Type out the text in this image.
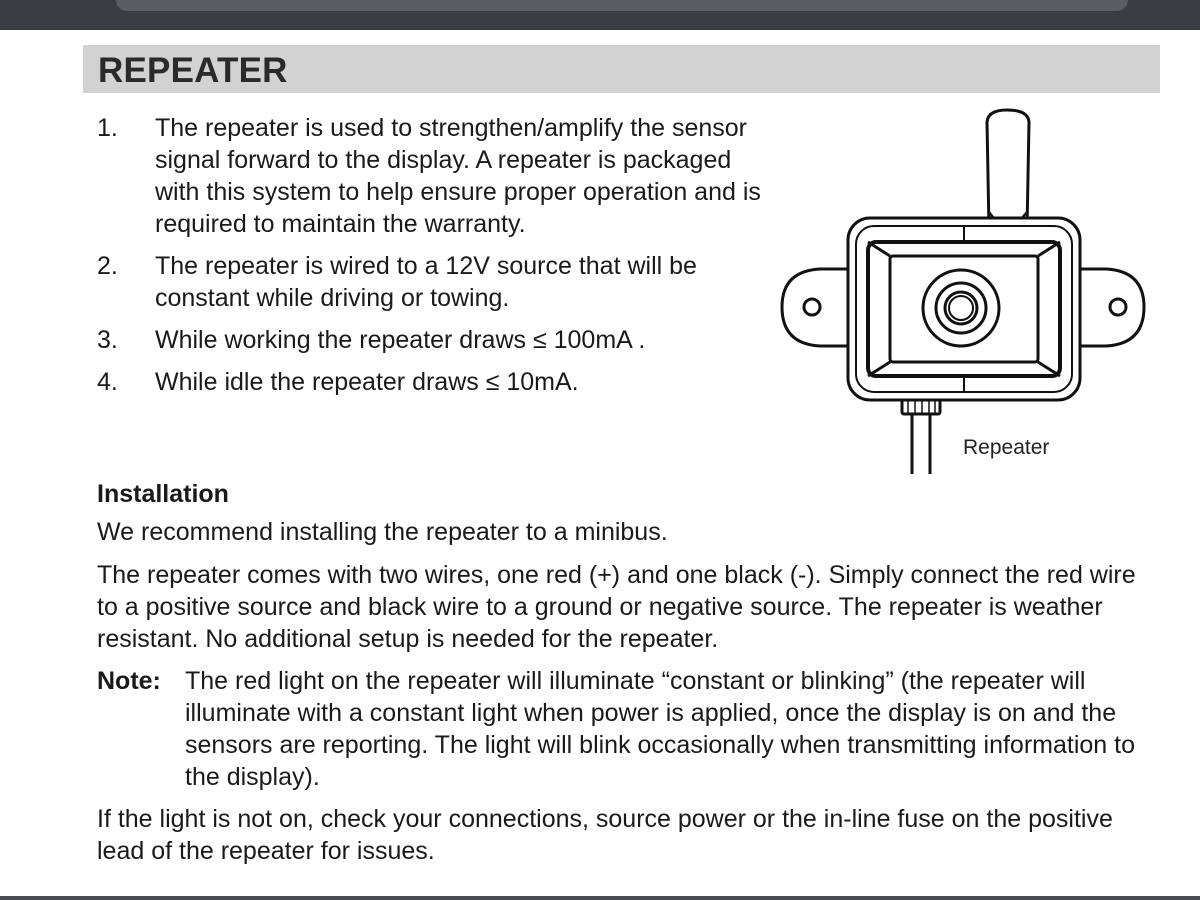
REPEATER
1. The repeater is used to strengthen/amplify the sensor signal forward to the display. A repeater is packaged with this system to help ensure proper operation and is required to maintain the warranty.
2. The repeater is wired to a 12V source that will be constant while driving or towing.
3. While working the repeater draws ≤ 100mA .
4. While idle the repeater draws ≤ 10mA.
Repeater
Installation

We recommend installing the repeater to a minibus.

The repeater comes with two wires, one red (+) and one black (-). Simply connect the red wire to a positive source and black wire to a ground or negative source. The repeater is weather resistant. No additional setup is needed for the repeater.

Note: The red light on the repeater will illuminate “constant or blinking” (the repeater will illuminate with a constant light when power is applied, once the display is on and the sensors are reporting. The light will blink occasionally when transmitting information to the display).

If the light is not on, check your connections, source power or the in-line fuse on the positive lead of the repeater for issues.
